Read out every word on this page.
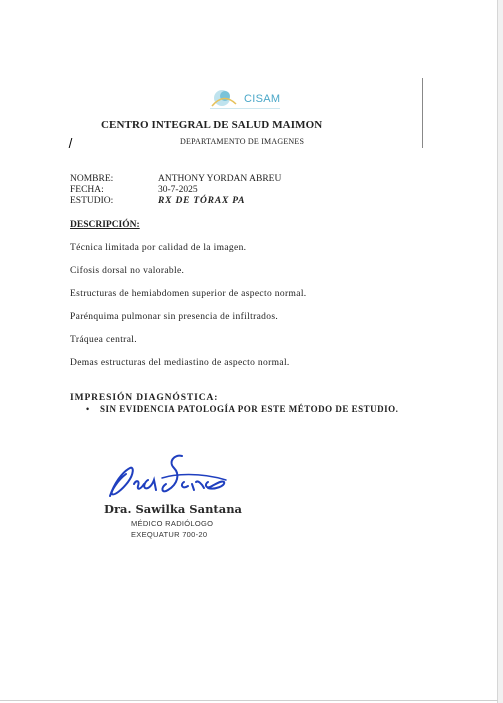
CISAM
CENTRO INTEGRAL DE SALUD MAIMON
DEPARTAMENTO DE IMAGENES
NOMBRE:	ANTHONY YORDAN ABREU
FECHA:	30-7-2025
ESTUDIO:	RX DE TÓRAX PA
DESCRIPCIÓN:
Técnica limitada por calidad de la imagen.
Cifosis dorsal no valorable.
Estructuras de hemiabdomen superior de aspecto normal.
Parénquima pulmonar sin presencia de infiltrados.
Tráquea central.
Demas estructuras del mediastino de aspecto normal.
IMPRESIÓN DIAGNÓSTICA:
• SIN EVIDENCIA PATOLOGÍA POR ESTE MÉTODO DE ESTUDIO.
Dra. Sawilka Santana
MÉDICO RADIÓLOGO
EXEQUATUR 700-20
